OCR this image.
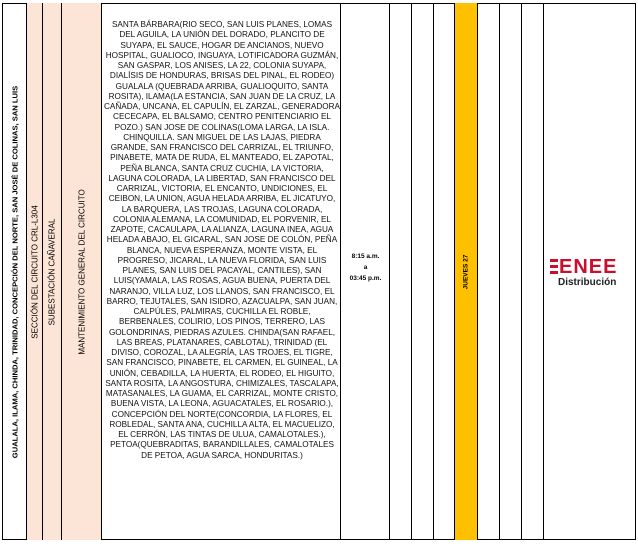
GUALALA, ILAMA, CHINDA, TRINIDAD, CONCEPCIÓN DEL NORTE, SAN JOSÉ DE COLINAS, SAN LUIS SECCIÓN DEL CIRCUITO CRL-L304 SUBESTACIÓN CAÑAVERAL	MANTENIMIENTO GENERAL DEL CIRCUITO	JUEVES 27
SANTA BÁRBARA(RIO SECO, SAN LUIS PLANES, LOMAS DEL AGUILA, LA UNIÓN DEL DORADO, PLANCITO DE SUYAPA, EL SAUCE, HOGAR DE ANCIANOS, NUEVO HOSPITAL, GUALIOCO, INGUAYA, LOTIFICADORA GUZMÁN, SAN GASPAR, LOS ANISES, LA 22, COLONIA SUYAPA, DIALÍSIS DE HONDURAS, BRISAS DEL PINAL, EL RODEO) GUALALA (QUEBRADA ARRIBA, GUALIOQUITO, SANTA ROSITA), ILAMA(LA ESTANCIA, SAN JUAN DE LA CRUZ, LA CAÑADA, UNCANA, EL CAPULÍN, EL ZARZAL, GENERADORA CECECAPA, EL BALSAMO, CENTRO PENITENCIARIO EL POZO.) SAN JOSE DE COLINAS(LOMA LARGA, LA ISLA. CHINQUILLA. SAN MIGUEL DE LAS LAJAS, PIEDRA GRANDE, SAN FRANCISCO DEL CARRIZAL, EL TRIUNFO, PINABETE, MATA DE RUDA, EL MANTEADO, EL ZAPOTAL, PEÑA BLANCA, SANTA CRUZ CUCHIA, LA VICTORIA, LAGUNA COLORADA, LA LIBERTAD, SAN FRANCISCO DEL CARRIZAL, VICTORIA, EL ENCANTO, UNDICIONES, EL CEIBON, LA UNION, AGUA HELADA ARRIBA, EL JICATUYO, LA BARQUERA, LAS TROJAS, LAGUNA COLORADA, COLONIA ALEMANA, LA COMUNIDAD, EL PORVENIR, EL ZAPOTE, CACAULAPA, LA ALIANZA, LAGUNA INEA, AGUA HELADA ABAJO, EL GICARAL, SAN JOSE DE COLÓN, PEÑA BLANCA, NUEVA ESPERANZA, MONTE VISTA, EL PROGRESO, JICARAL, LA NUEVA FLORIDA, SAN LUIS PLANES, SAN LUIS DEL PACAYAL, CANTILES), SAN LUIS(YAMALA, LAS ROSAS, AGUA BUENA, PUERTA DEL NARANJO, VILLA LUZ, LOS LLANOS, SAN FRANCISCO, EL BARRO, TEJUTALES, SAN ISIDRO, AZACUALPA, SAN JUAN, CALPÚLES, PALMIRAS, CUCHILLA EL ROBLE, BERBENALES, COLIRIO, LOS PINOS, TERRERO, LAS GOLONDRINAS, PIEDRAS AZULES. CHINDA(SAN RAFAEL, LAS BREAS, PLATANARES, CABLOTAL), TRINIDAD (EL DIVISO, COROZAL, LA ALEGRÍA, LAS TROJES, EL TIGRE, SAN FRANCISCO, PINABETE, EL CARMEN, EL GUINEAL, LA UNIÓN, CEBADILLA, LA HUERTA, EL RODEO, EL HIGUITO, SANTA ROSITA, LA ANGOSTURA, CHIMIZALES, TASCALAPA, MATASANALES, LA GUAMA, EL CARRIZAL, MONTE CRISTO, BUENA VISTA, LA LEONA, AGUACATALES, EL ROSARIO.), CONCEPCIÓN DEL NORTE(CONCORDIA, LA FLORES, EL ROBLEDAL, SANTA ANA, CUCHILLA ALTA, EL MACUELIZO, EL CERRÓN, LAS TINTAS DE ULUA, CAMALOTALES.), PETOA(QUEBRADITAS, BARANDILLALES, CAMALOTALES DE PETOA, AGUA SARCA, HONDURITAS.)
8:15 a.m.
a
03:45 p.m.
ENEE
Distribución
